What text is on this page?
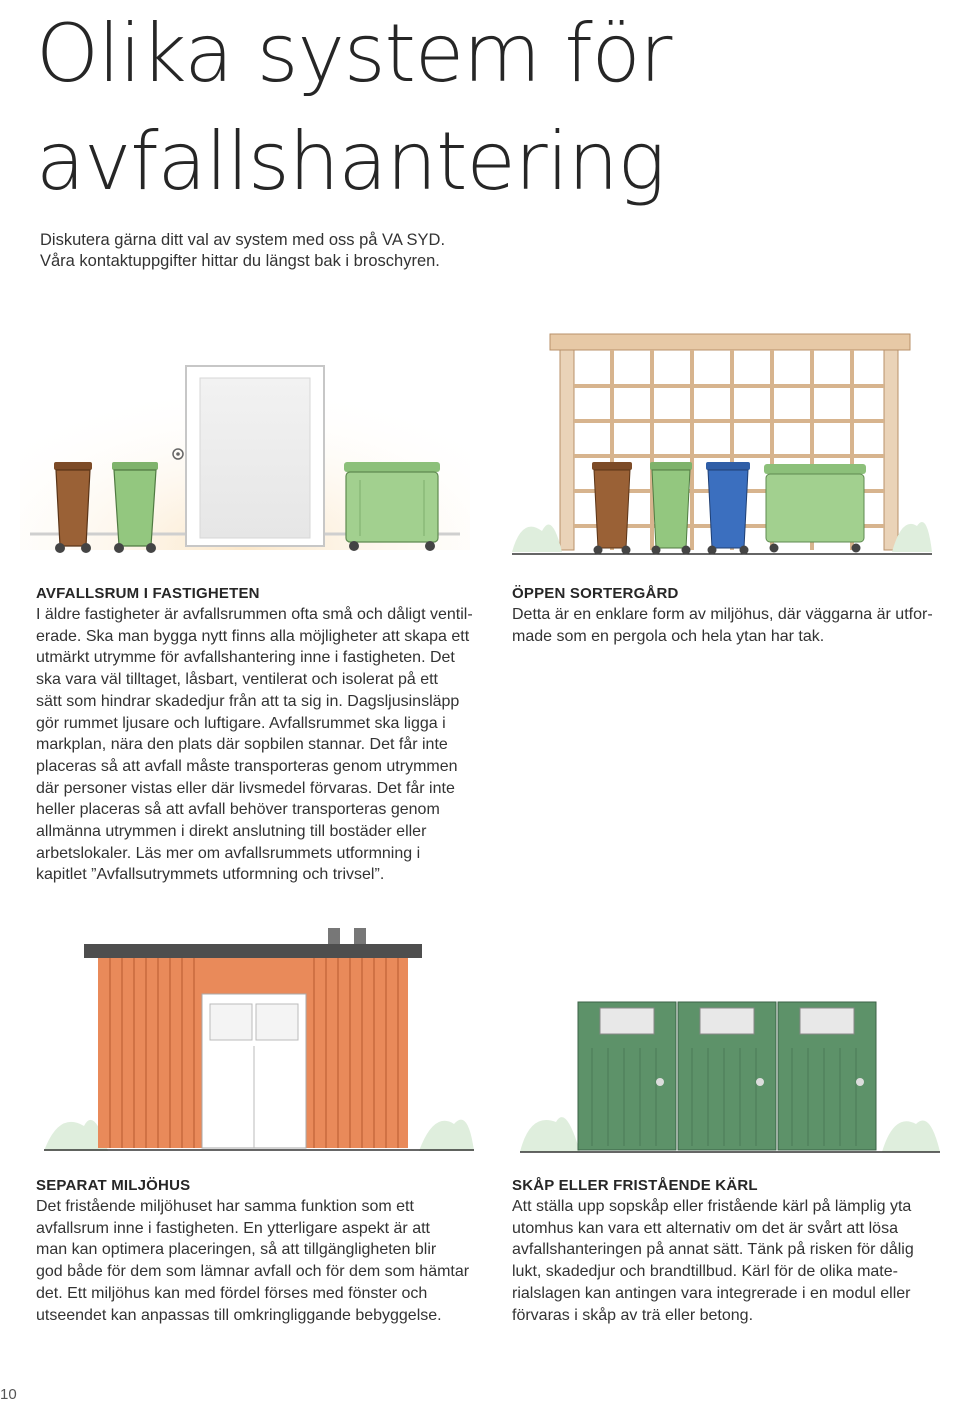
Olika system för
avfallshantering
Diskutera gärna ditt val av system med oss på VA SYD.
Våra kontaktuppgifter hittar du längst bak i broschyren.
AVFALLSRUM I FASTIGHETEN

I äldre fastigheter är avfallsrummen ofta små och dåligt ventil-
erade. Ska man bygga nytt finns alla möjligheter att skapa ett
utmärkt utrymme för avfallshantering inne i fastigheten. Det
ska vara väl tilltaget, låsbart, ventilerat och isolerat på ett
sätt som hindrar skadedjur från att ta sig in. Dagsljusinsläpp
gör rummet ljusare och luftigare. Avfallsrummet ska ligga i
markplan, nära den plats där sopbilen stannar. Det får inte
placeras så att avfall måste transporteras genom utrymmen
där personer vistas eller där livsmedel förvaras. Det får inte
heller placeras så att avfall behöver transporteras genom
allmänna utrymmen i direkt anslutning till bostäder eller
arbetslokaler. Läs mer om avfallsrummets utformning i
kapitlet ”Avfallsutrymmets utformning och trivsel”.

ÖPPEN SORTERGÅRD

Detta är en enklare form av miljöhus, där väggarna är utfor-
made som en pergola och hela ytan har tak.

SEPARAT MILJÖHUS

Det fristående miljöhuset har samma funktion som ett
avfallsrum inne i fastigheten. En ytterligare aspekt är att
man kan optimera placeringen, så att tillgängligheten blir
god både för dem som lämnar avfall och för dem som hämtar
det. Ett miljöhus kan med fördel förses med fönster och
utseendet kan anpassas till omkringliggande bebyggelse.

SKÅP ELLER FRISTÅENDE KÄRL

Att ställa upp sopskåp eller fristående kärl på lämplig yta
utomhus kan vara ett alternativ om det är svårt att lösa
avfallshanteringen på annat sätt. Tänk på risken för dålig
lukt, skadedjur och brandtillbud. Kärl för de olika mate-
rialslagen kan antingen vara integrerade i en modul eller
förvaras i skåp av trä eller betong.

10
